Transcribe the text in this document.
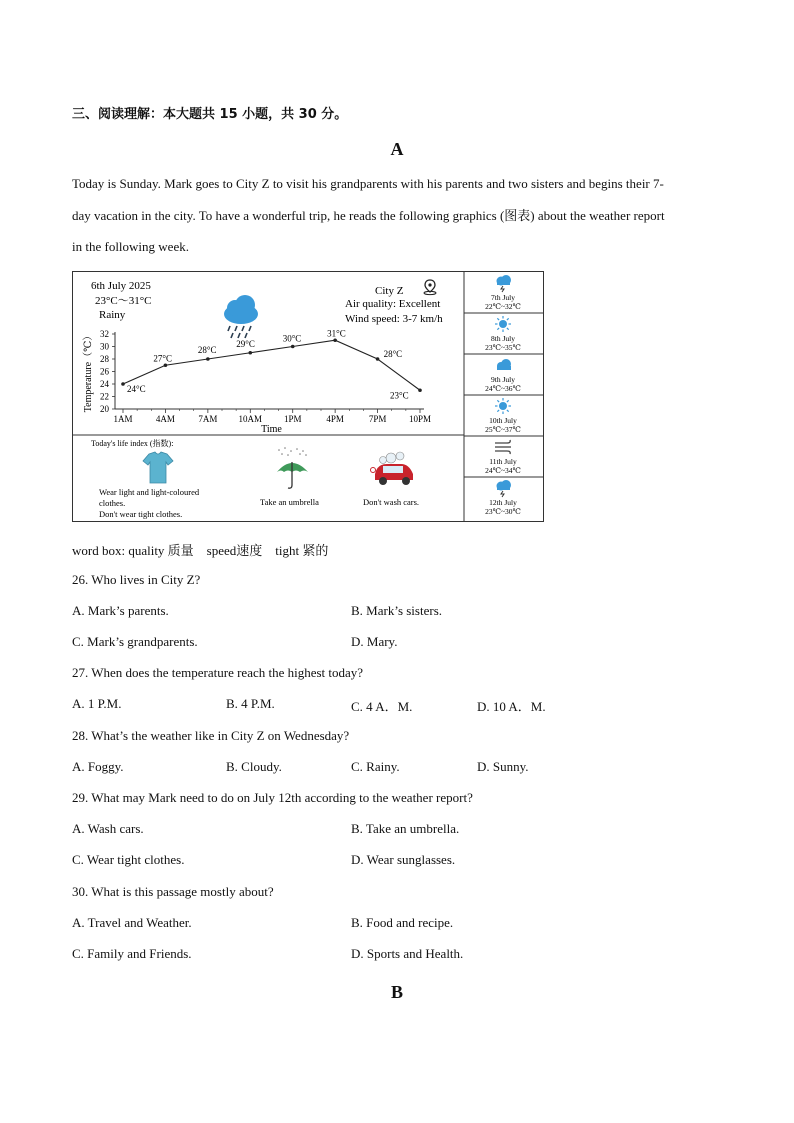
三、阅读理解：本大题共 15 小题，共 30 分。
A
Today is Sunday. Mark goes to City Z to visit his grandparents with his parents and two sisters and begins their 7-
day vacation in the city. To have a wonderful trip, he reads the following graphics (图表) about the weather report
in the following week.
6th July 2025
23°C～31°C
Rainy
City Z
Air quality: Excellent
Wind speed: 3-7 km/h
20
22
24
26
28
30
32
1AM	4AM	7AM 10AM 1PM	4PM	7PM	10PM
Time
Temperature（℃）	24°C
27°C
28°C
29°C
30°C
31°C
28°C
23°C
Today's life index (指数):
Wear light and light-coloured
clothes.
Don't wear tight clothes.
Take an umbrella	Don't wash cars.
7th July
22℃~32℃
8th July
23℃~35℃
9th July
24℃~36℃
10th July
25℃~37℃
11th July
24℃~34℃
12th July
23℃~30℃
word box: quality 质量    speed速度    tight 紧的
26. Who lives in City Z?
A. Mark’s parents.	B. Mark’s sisters.
C. Mark’s grandparents.	D. Mary.
27. When does the temperature reach the highest today?
A. 1 P.M.	B. 4 P.M.	C. 4 A．M.	D. 10 A．M.
28. What’s the weather like in City Z on Wednesday?
A. Foggy.	B. Cloudy.	C. Rainy.	D. Sunny.
29. What may Mark need to do on July 12th according to the weather report?
A. Wash cars.	B. Take an umbrella.
C. Wear tight clothes.	D. Wear sunglasses.
30. What is this passage mostly about?
A. Travel and Weather.	B. Food and recipe.
C. Family and Friends.	D. Sports and Health.
B
